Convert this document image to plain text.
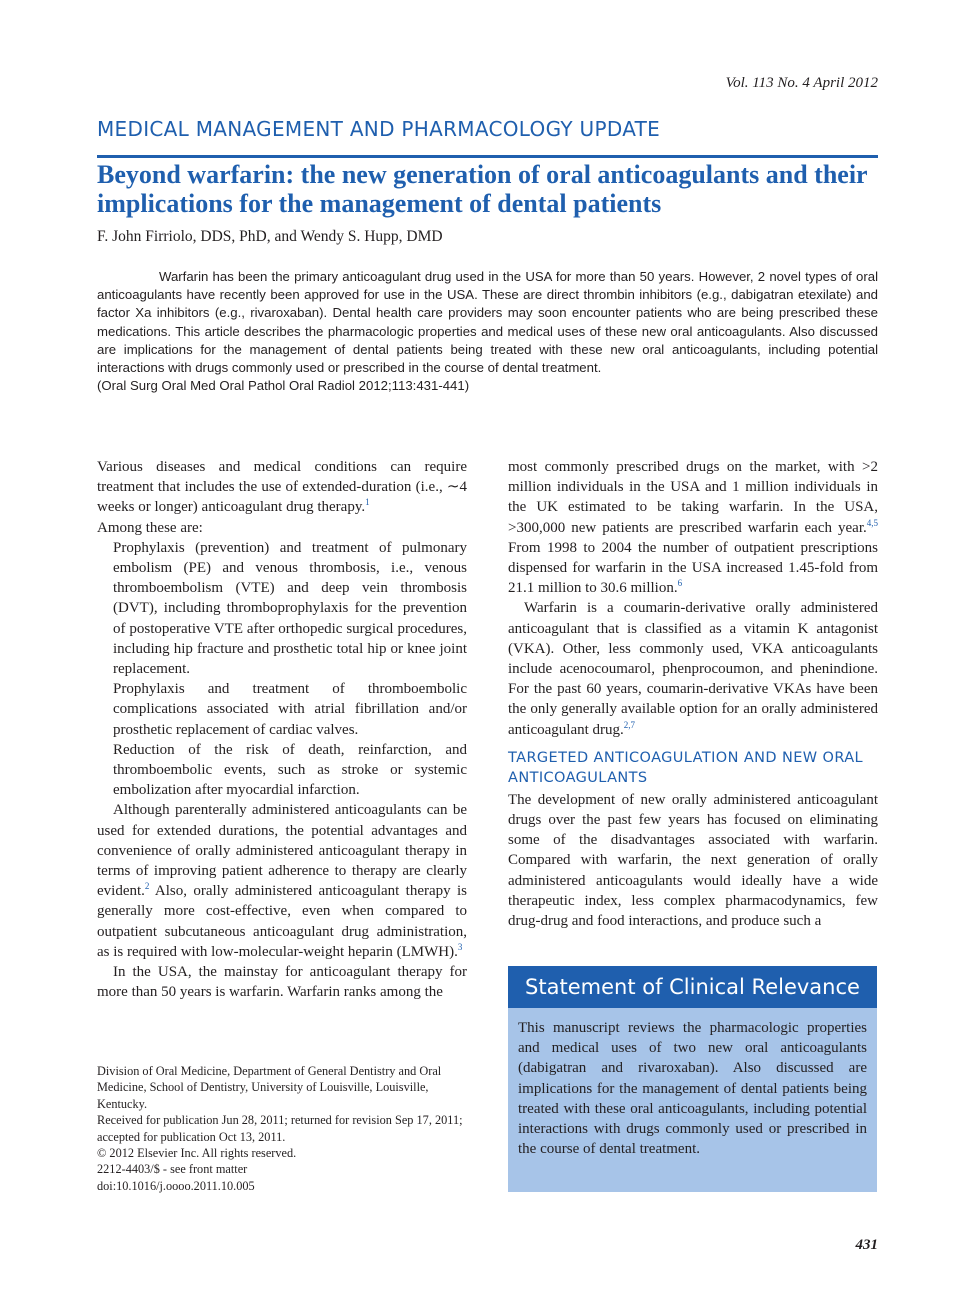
Vol. 113 No. 4 April 2012
MEDICAL MANAGEMENT AND PHARMACOLOGY UPDATE
Beyond warfarin: the new generation of oral anticoagulants and their implications for the management of dental patients
F. John Firriolo, DDS, PhD, and Wendy S. Hupp, DMD

Warfarin has been the primary anticoagulant drug used in the USA for more than 50 years. However, 2 novel types of oral anticoagulants have recently been approved for use in the USA. These are direct thrombin inhibitors (e.g., dabigatran etexilate) and factor Xa inhibitors (e.g., rivaroxaban). Dental health care providers may soon encounter patients who are being prescribed these medications. This article describes the pharmacologic properties and medical uses of these new oral anticoagulants. Also discussed are implications for the management of dental patients being treated with these new oral anticoagulants, including potential interactions with drugs commonly used or prescribed in the course of dental treatment.
(Oral Surg Oral Med Oral Pathol Oral Radiol 2012;113:431-441)

Various diseases and medical conditions can require treatment that includes the use of extended-duration (i.e., ∼4 weeks or longer) anticoagulant drug therapy.$^1$
Among these are:

Prophylaxis (prevention) and treatment of pulmonary embolism (PE) and venous thrombosis, i.e., venous thromboembolism (VTE) and deep vein thrombosis (DVT), including thromboprophylaxis for the prevention of postoperative VTE after orthopedic surgical procedures, including hip fracture and prosthetic total hip or knee joint replacement.

Prophylaxis and treatment of thromboembolic complications associated with atrial fibrillation and/or prosthetic replacement of cardiac valves.

Reduction of the risk of death, reinfarction, and thromboembolic events, such as stroke or systemic embolization after myocardial infarction.

Although parenterally administered anticoagulants can be used for extended durations, the potential advantages and convenience of orally administered anticoagulant therapy in terms of improving patient adherence to therapy are clearly evident.$^2$ Also, orally administered anticoagulant therapy is generally more cost-effective, even when compared to outpatient subcutaneous anticoagulant drug administration, as is required with low-molecular-weight heparin (LMWH).$^3$

In the USA, the mainstay for anticoagulant therapy for more than 50 years is warfarin. Warfarin ranks among the

most commonly prescribed drugs on the market, with >2 million individuals in the USA and 1 million individuals in the UK estimated to be taking warfarin. In the USA, >300,000 new patients are prescribed warfarin each year.$^{4,5}$ From 1998 to 2004 the number of outpatient prescriptions dispensed for warfarin in the USA increased 1.45-fold from 21.1 million to 30.6 million.$^6$

Warfarin is a coumarin-derivative orally administered anticoagulant that is classified as a vitamin K antagonist (VKA). Other, less commonly used, VKA anticoagulants include acenocoumarol, phenprocoumon, and phenindione. For the past 60 years, coumarin-derivative VKAs have been the only generally available option for an orally administered anticoagulant drug.$^{2,7}$

TARGETED ANTICOAGULATION AND NEW ORAL ANTICOAGULANTS

The development of new orally administered anticoagulant drugs over the past few years has focused on eliminating some of the disadvantages associated with warfarin. Compared with warfarin, the next generation of orally administered anticoagulants would ideally have a wide therapeutic index, less complex pharmacodynamics, few drug-drug and food interactions, and produce such a

Division of Oral Medicine, Department of General Dentistry and Oral Medicine, School of Dentistry, University of Louisville, Louisville, Kentucky.

Received for publication Jun 28, 2011; returned for revision Sep 17, 2011; accepted for publication Oct 13, 2011.

© 2012 Elsevier Inc. All rights reserved.

2212-4403/$ - see front matter

doi:10.1016/j.oooo.2011.10.005

Statement of Clinical Relevance
This manuscript reviews the pharmacologic properties and medical uses of two new oral anticoagulants (dabigatran and rivaroxaban). Also discussed are implications for the management of dental patients being treated with these oral anticoagulants, including potential interactions with drugs commonly used or prescribed in the course of dental treatment.
431
